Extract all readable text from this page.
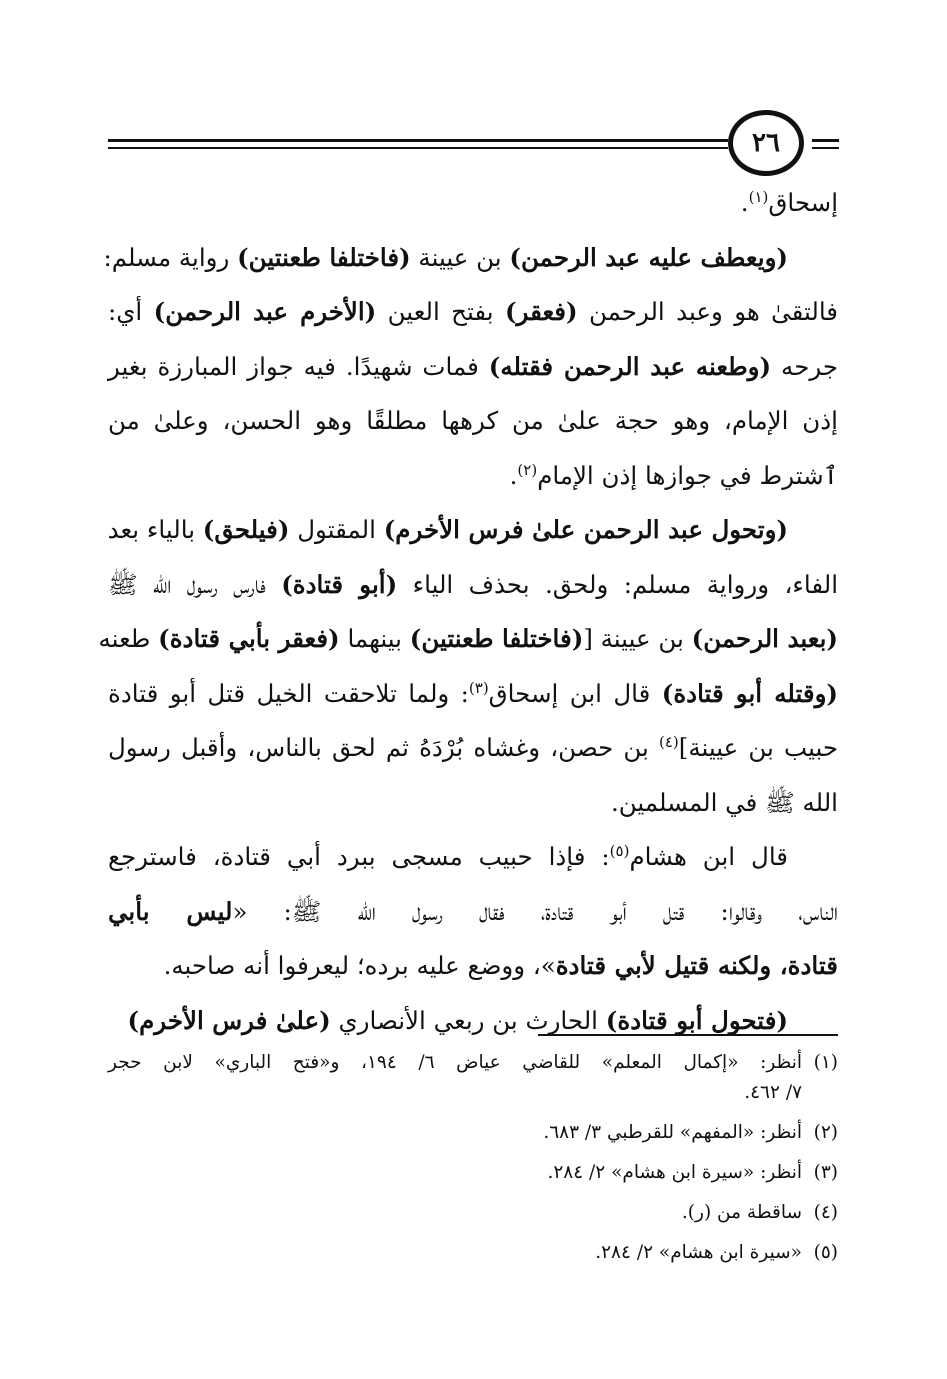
٢٦
إسحاق$^{(١)}$.
(ويعطف عليه عبد الرحمن) بن عيينة (فاختلفا طعنتين) رواية مسلم:
فالتقىٰ هو وعبد الرحمن (فعقر) بفتح العين (الأخرم عبد الرحمن) أي:
جرحه (وطعنه عبد الرحمن فقتله) فمات شهيدًا. فيه جواز المبارزة بغير
إذن الإمام، وهو حجة علىٰ من كرهها مطلقًا وهو الحسن، وعلىٰ من
ٱشترط في جوازها إذن الإمام$^{(٢)}$.
(وتحول عبد الرحمن علىٰ فرس الأخرم) المقتول (فيلحق) بالياء بعد
الفاء، ورواية مسلم: ولحق. بحذف الياء (أبو قتادة) فارس رسول الله ﷺ
(بعبد الرحمن) بن عيينة [(فاختلفا طعنتين) بينهما (فعقر بأبي قتادة) طعنه
(وقتله أبو قتادة) قال ابن إسحاق$^{(٣)}$: ولما تلاحقت الخيل قتل أبو قتادة
حبيب بن عيينة]$^{(٤)}$ بن حصن، وغشاه بُرْدَهُ ثم لحق بالناس، وأقبل رسول
الله ﷺ في المسلمين.
قال ابن هشام$^{(٥)}$: فإذا حبيب مسجى ببرد أبي قتادة، فاسترجع
الناس، وقالوا: قتل أبو قتادة، فقال رسول الله ﷺ: «ليس بأبي
قتادة، ولكنه قتيل لأبي قتادة»، ووضع عليه برده؛ ليعرفوا أنه صاحبه.
(فتحول أبو قتادة) الحارث بن ربعي الأنصاري (علىٰ فرس الأخرم)
(١)
أنظر: «إكمال المعلم» للقاضي عياض ٦/ ١٩٤، و«فتح الباري» لابن حجر
٧/ ٤٦٢.
(٢)
أنظر: «المفهم» للقرطبي ٣/ ٦٨٣.
(٣)
أنظر: «سيرة ابن هشام» ٢/ ٢٨٤.
(٤)
ساقطة من (ر).
(٥)
«سيرة ابن هشام» ٢/ ٢٨٤.
